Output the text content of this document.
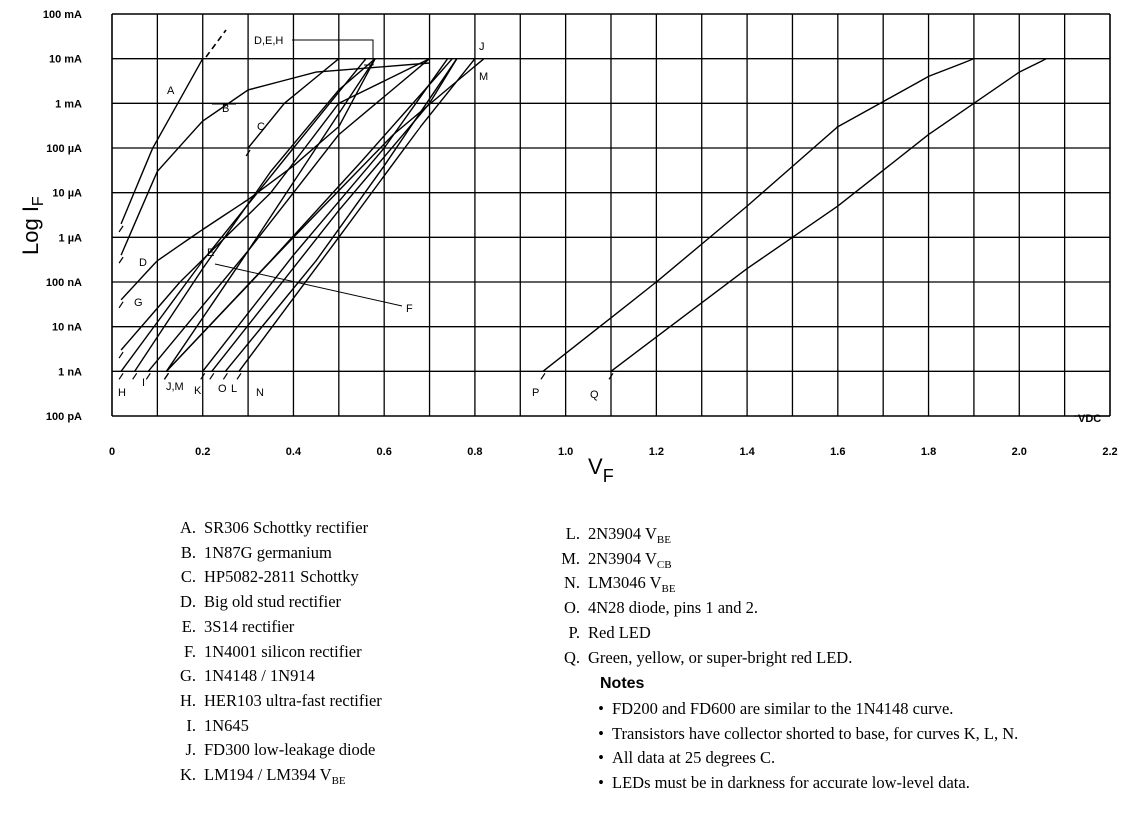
100 pA
1 nA
10 nA
100 nA
1 µA
10 µA
100 µA
1 mA
10 mA
100 mA
0	0.2	0.4	0.6	0.8	1.0	1.2	1.4	1.6	1.8	2.0	2.2
Log $I_F$
$V_F$
VDC
D,E,H
A
B
C
D
E
F
G
H
I J,M K O L N
J
M
P	Q
A. SR306 Schottky rectifier
B. 1N87G germanium
C. HP5082-2811 Schottky
D. Big old stud rectifier
E. 3S14 rectifier
F. 1N4001 silicon rectifier
G. 1N4148 / 1N914
H. HER103 ultra-fast rectifier
I. 1N645
J. FD300 low-leakage diode
K. LM194 / LM394 $V_{BE}$
L. 2N3904 $V_{BE}$
M. 2N3904 $V_{CB}$
N. LM3046 $V_{BE}$
O. 4N28 diode, pins 1 and 2.
P. Red LED
Q. Green, yellow, or super-bright red LED.
Notes
• FD200 and FD600 are similar to the 1N4148 curve.
• Transistors have collector shorted to base, for curves K, L, N.
• All data at 25 degrees C.
• LEDs must be in darkness for accurate low-level data.
